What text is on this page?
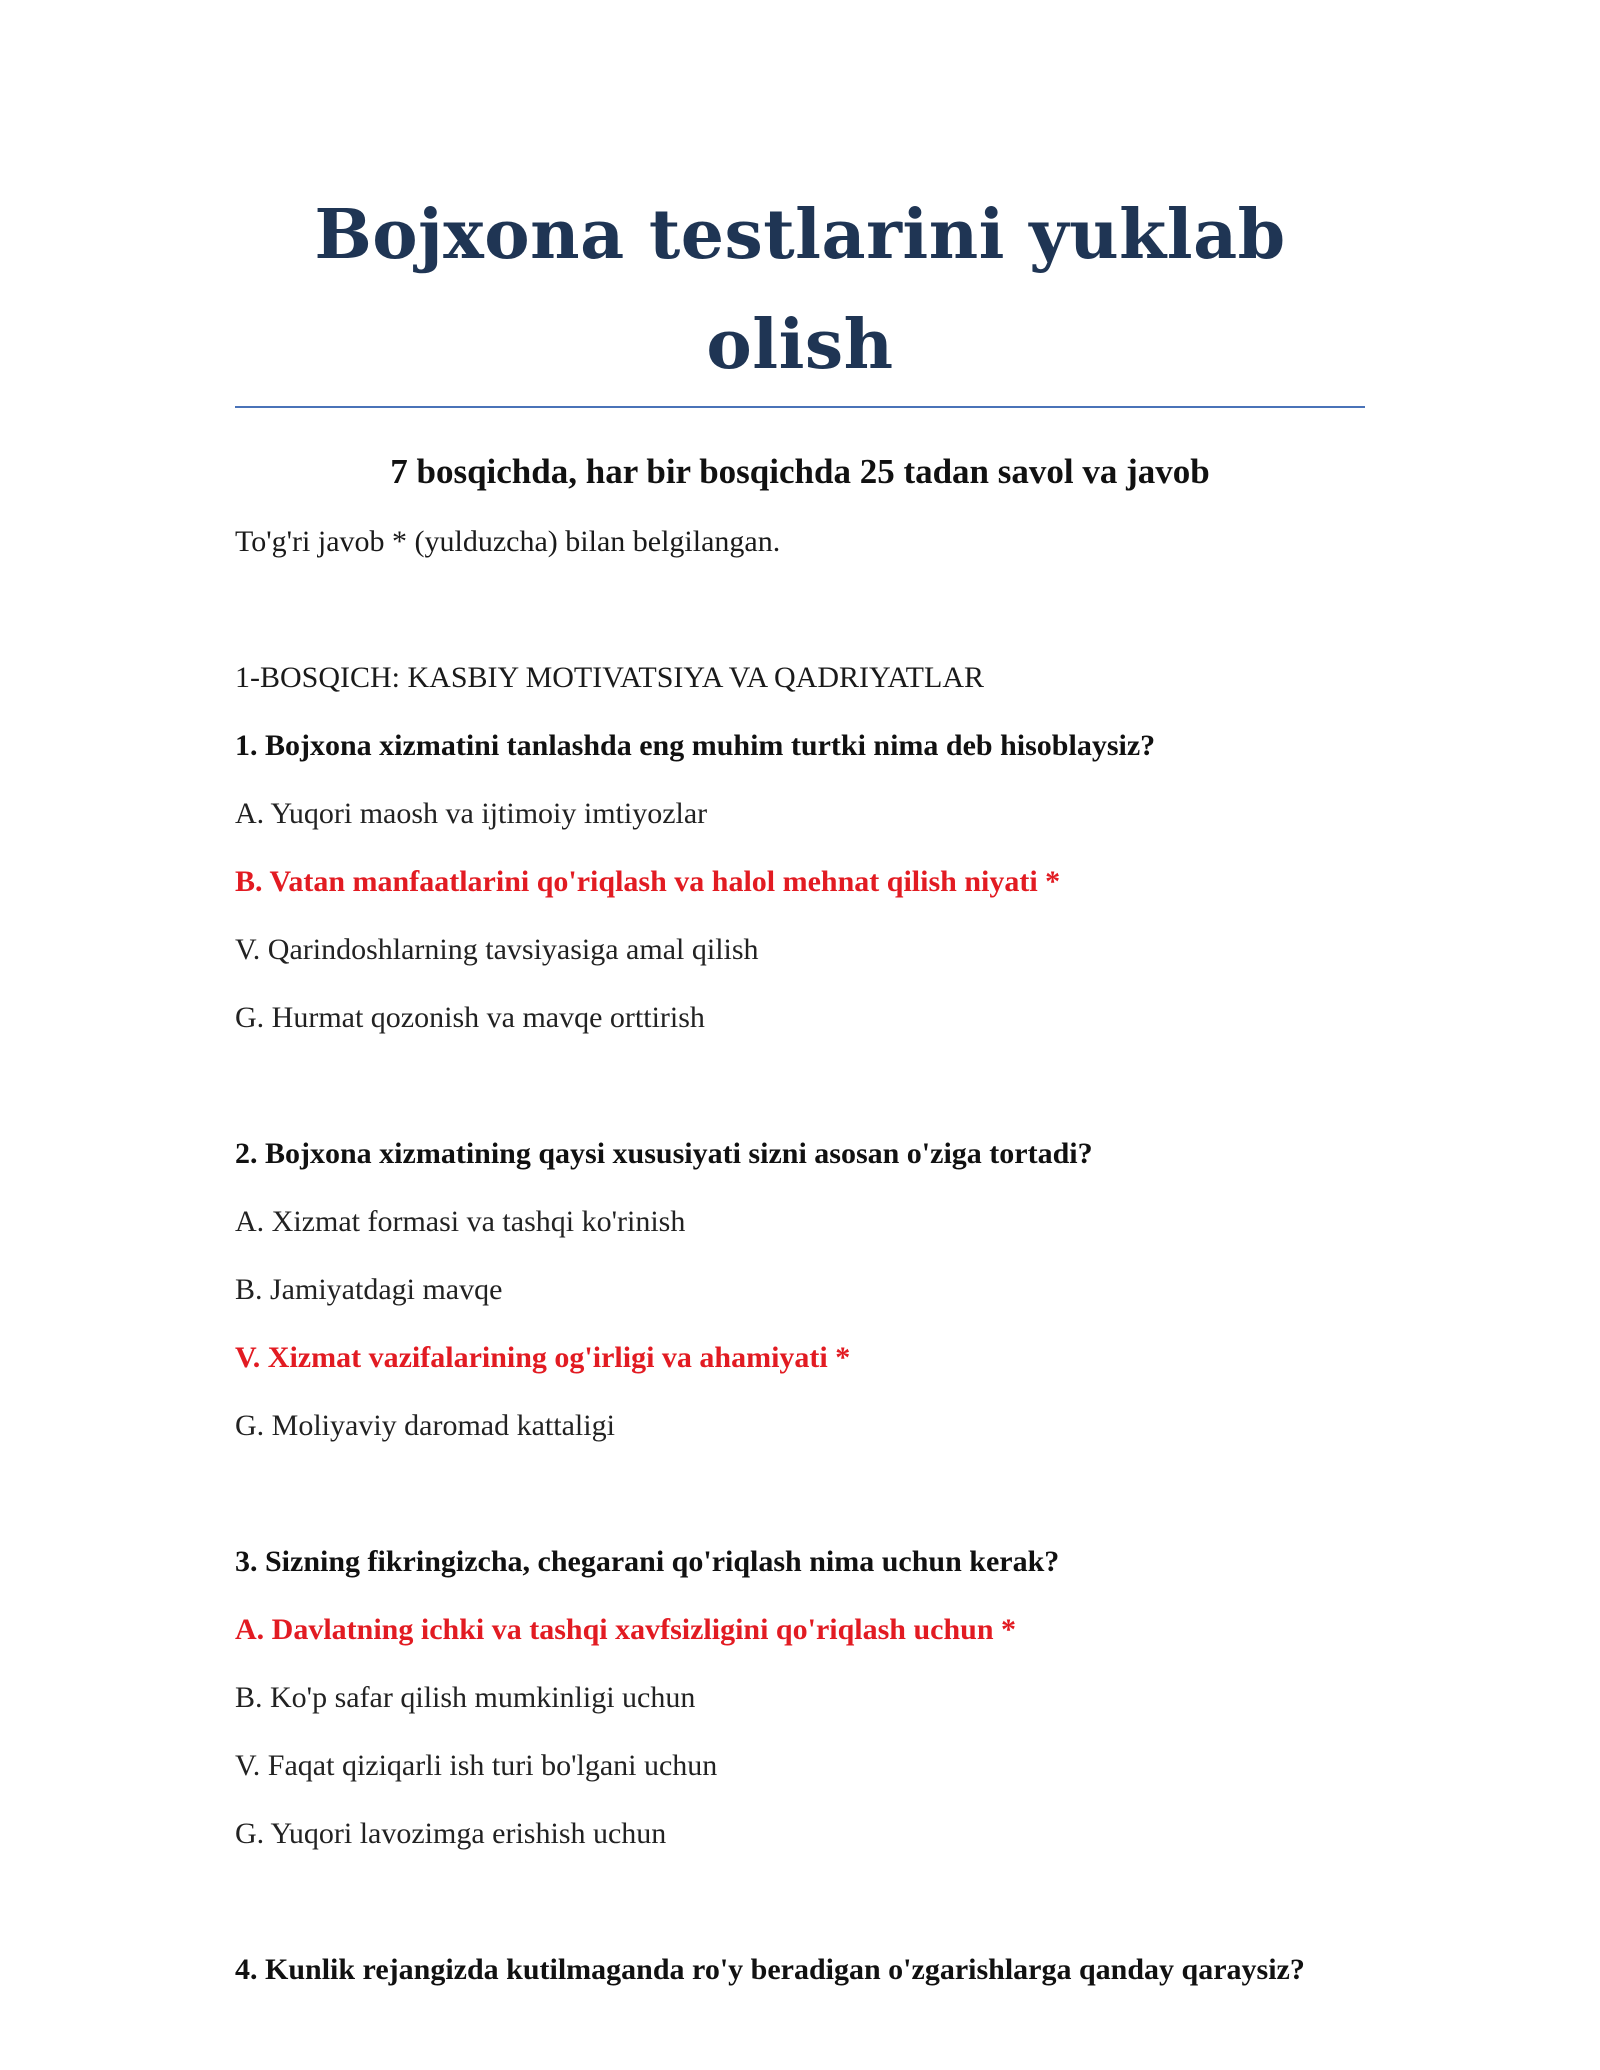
Bojxona testlarini yuklab olish

7 bosqichda, har bir bosqichda 25 tadan savol va javob

To'g'ri javob * (yulduzcha) bilan belgilangan.

1-BOSQICH: KASBIY MOTIVATSIYA VA QADRIYATLAR

1. Bojxona xizmatini tanlashda eng muhim turtki nima deb hisoblaysiz?

A. Yuqori maosh va ijtimoiy imtiyozlar

B. Vatan manfaatlarini qo'riqlash va halol mehnat qilish niyati *

V. Qarindoshlarning tavsiyasiga amal qilish

G. Hurmat qozonish va mavqe orttirish

2. Bojxona xizmatining qaysi xususiyati sizni asosan o'ziga tortadi?

A. Xizmat formasi va tashqi ko'rinish

B. Jamiyatdagi mavqe

V. Xizmat vazifalarining og'irligi va ahamiyati *

G. Moliyaviy daromad kattaligi

3. Sizning fikringizcha, chegarani qo'riqlash nima uchun kerak?

A. Davlatning ichki va tashqi xavfsizligini qo'riqlash uchun *

B. Ko'p safar qilish mumkinligi uchun

V. Faqat qiziqarli ish turi bo'lgani uchun

G. Yuqori lavozimga erishish uchun

4. Kunlik rejangizda kutilmaganda ro'y beradigan o'zgarishlarga qanday qaraysiz?
